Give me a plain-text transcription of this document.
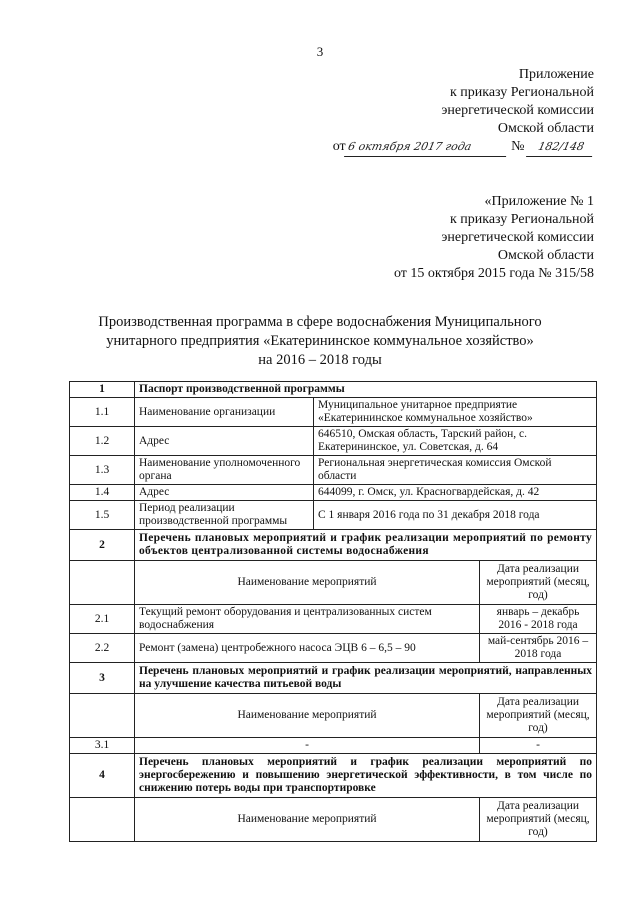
3
Приложение
к приказу Региональной
энергетической комиссии
Омской области
от6 октября 2017 года	№ 182/148
«Приложение № 1
к приказу Региональной
энергетической комиссии
Омской области
от 15 октября 2015 года № 315/58
Производственная программа в сфере водоснабжения Муниципального
унитарного предприятия «Екатерининское коммунальное хозяйство»
на 2016 – 2018 годы
1	Паспорт производственной программы		
1.1	Наименование организации	Муниципальное унитарное предприятие «Екатерининское коммунальное хозяйство»	
1.2	Адрес	646510, Омская область, Тарский район, с. Екатерининское, ул. Советская, д. 64	
1.3	Наименование уполномоченного органа	Региональная энергетическая комиссия Омской области	
1.4	Адрес	644099, г. Омск, ул. Красногвардейская, д. 42	
1.5	Период реализации производственной программы	С 1 января 2016 года по 31 декабря 2018 года	
2	Перечень плановых мероприятий и график реализации мероприятий по ремонту объектов централизованной системы водоснабжения		
	Наименование мероприятий		Дата реализации мероприятий (месяц, год)
2.1	Текущий ремонт оборудования и централизованных систем водоснабжения		январь – декабрь 2016 - 2018 года
2.2	Ремонт (замена) центробежного насоса ЭЦВ 6 – 6,5 – 90		май-сентябрь 2016 – 2018 года
3	Перечень плановых мероприятий и график реализации мероприятий, направленных на улучшение качества питьевой воды		
	Наименование мероприятий		Дата реализации мероприятий (месяц, год)
3.1	-		-
4	Перечень плановых мероприятий и график реализации мероприятий по энергосбережению и повышению энергетической эффективности, в том числе по снижению потерь воды при транспортировке		
	Наименование мероприятий		Дата реализации мероприятий (месяц, год)
